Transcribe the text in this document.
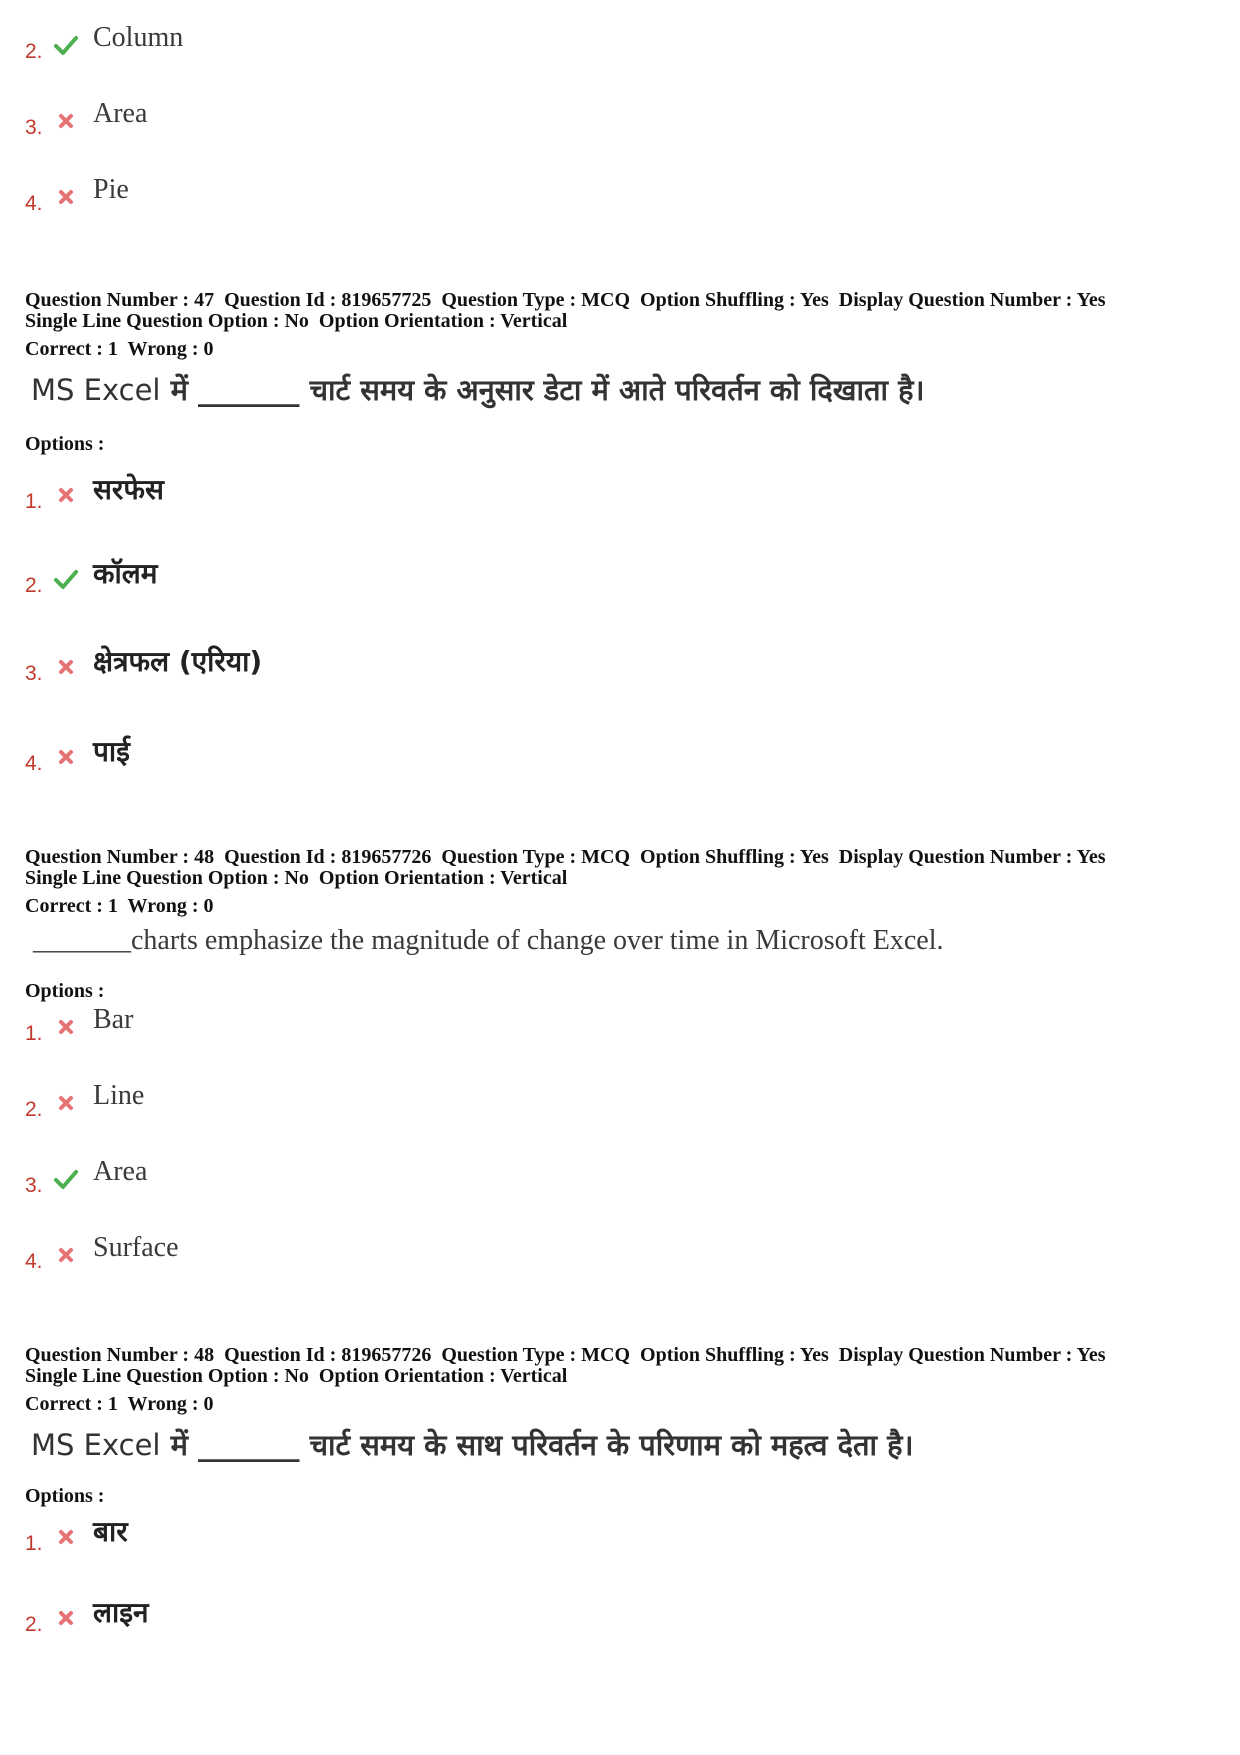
2. Column
3. Area
4. Pie
Question Number : 47  Question Id : 819657725  Question Type : MCQ  Option Shuffling : Yes  Display Question Number : Yes
Single Line Question Option : No  Option Orientation : Vertical
Correct : 1  Wrong : 0
MS Excel में _______ चार्ट समय के अनुसार डेटा में आते परिवर्तन को दिखाता है।
Options :
1. सरफेस
2. कॉलम
3. क्षेत्रफल (एरिया)
4. पाई
Question Number : 48  Question Id : 819657726  Question Type : MCQ  Option Shuffling : Yes  Display Question Number : Yes
Single Line Question Option : No  Option Orientation : Vertical
Correct : 1  Wrong : 0
_______charts emphasize the magnitude of change over time in Microsoft Excel.
Options :
1. Bar
2. Line
3. Area
4. Surface
Question Number : 48  Question Id : 819657726  Question Type : MCQ  Option Shuffling : Yes  Display Question Number : Yes
Single Line Question Option : No  Option Orientation : Vertical
Correct : 1  Wrong : 0
MS Excel में _______ चार्ट समय के साथ परिवर्तन के परिणाम को महत्व देता है।
Options :
1. बार
2. लाइन
